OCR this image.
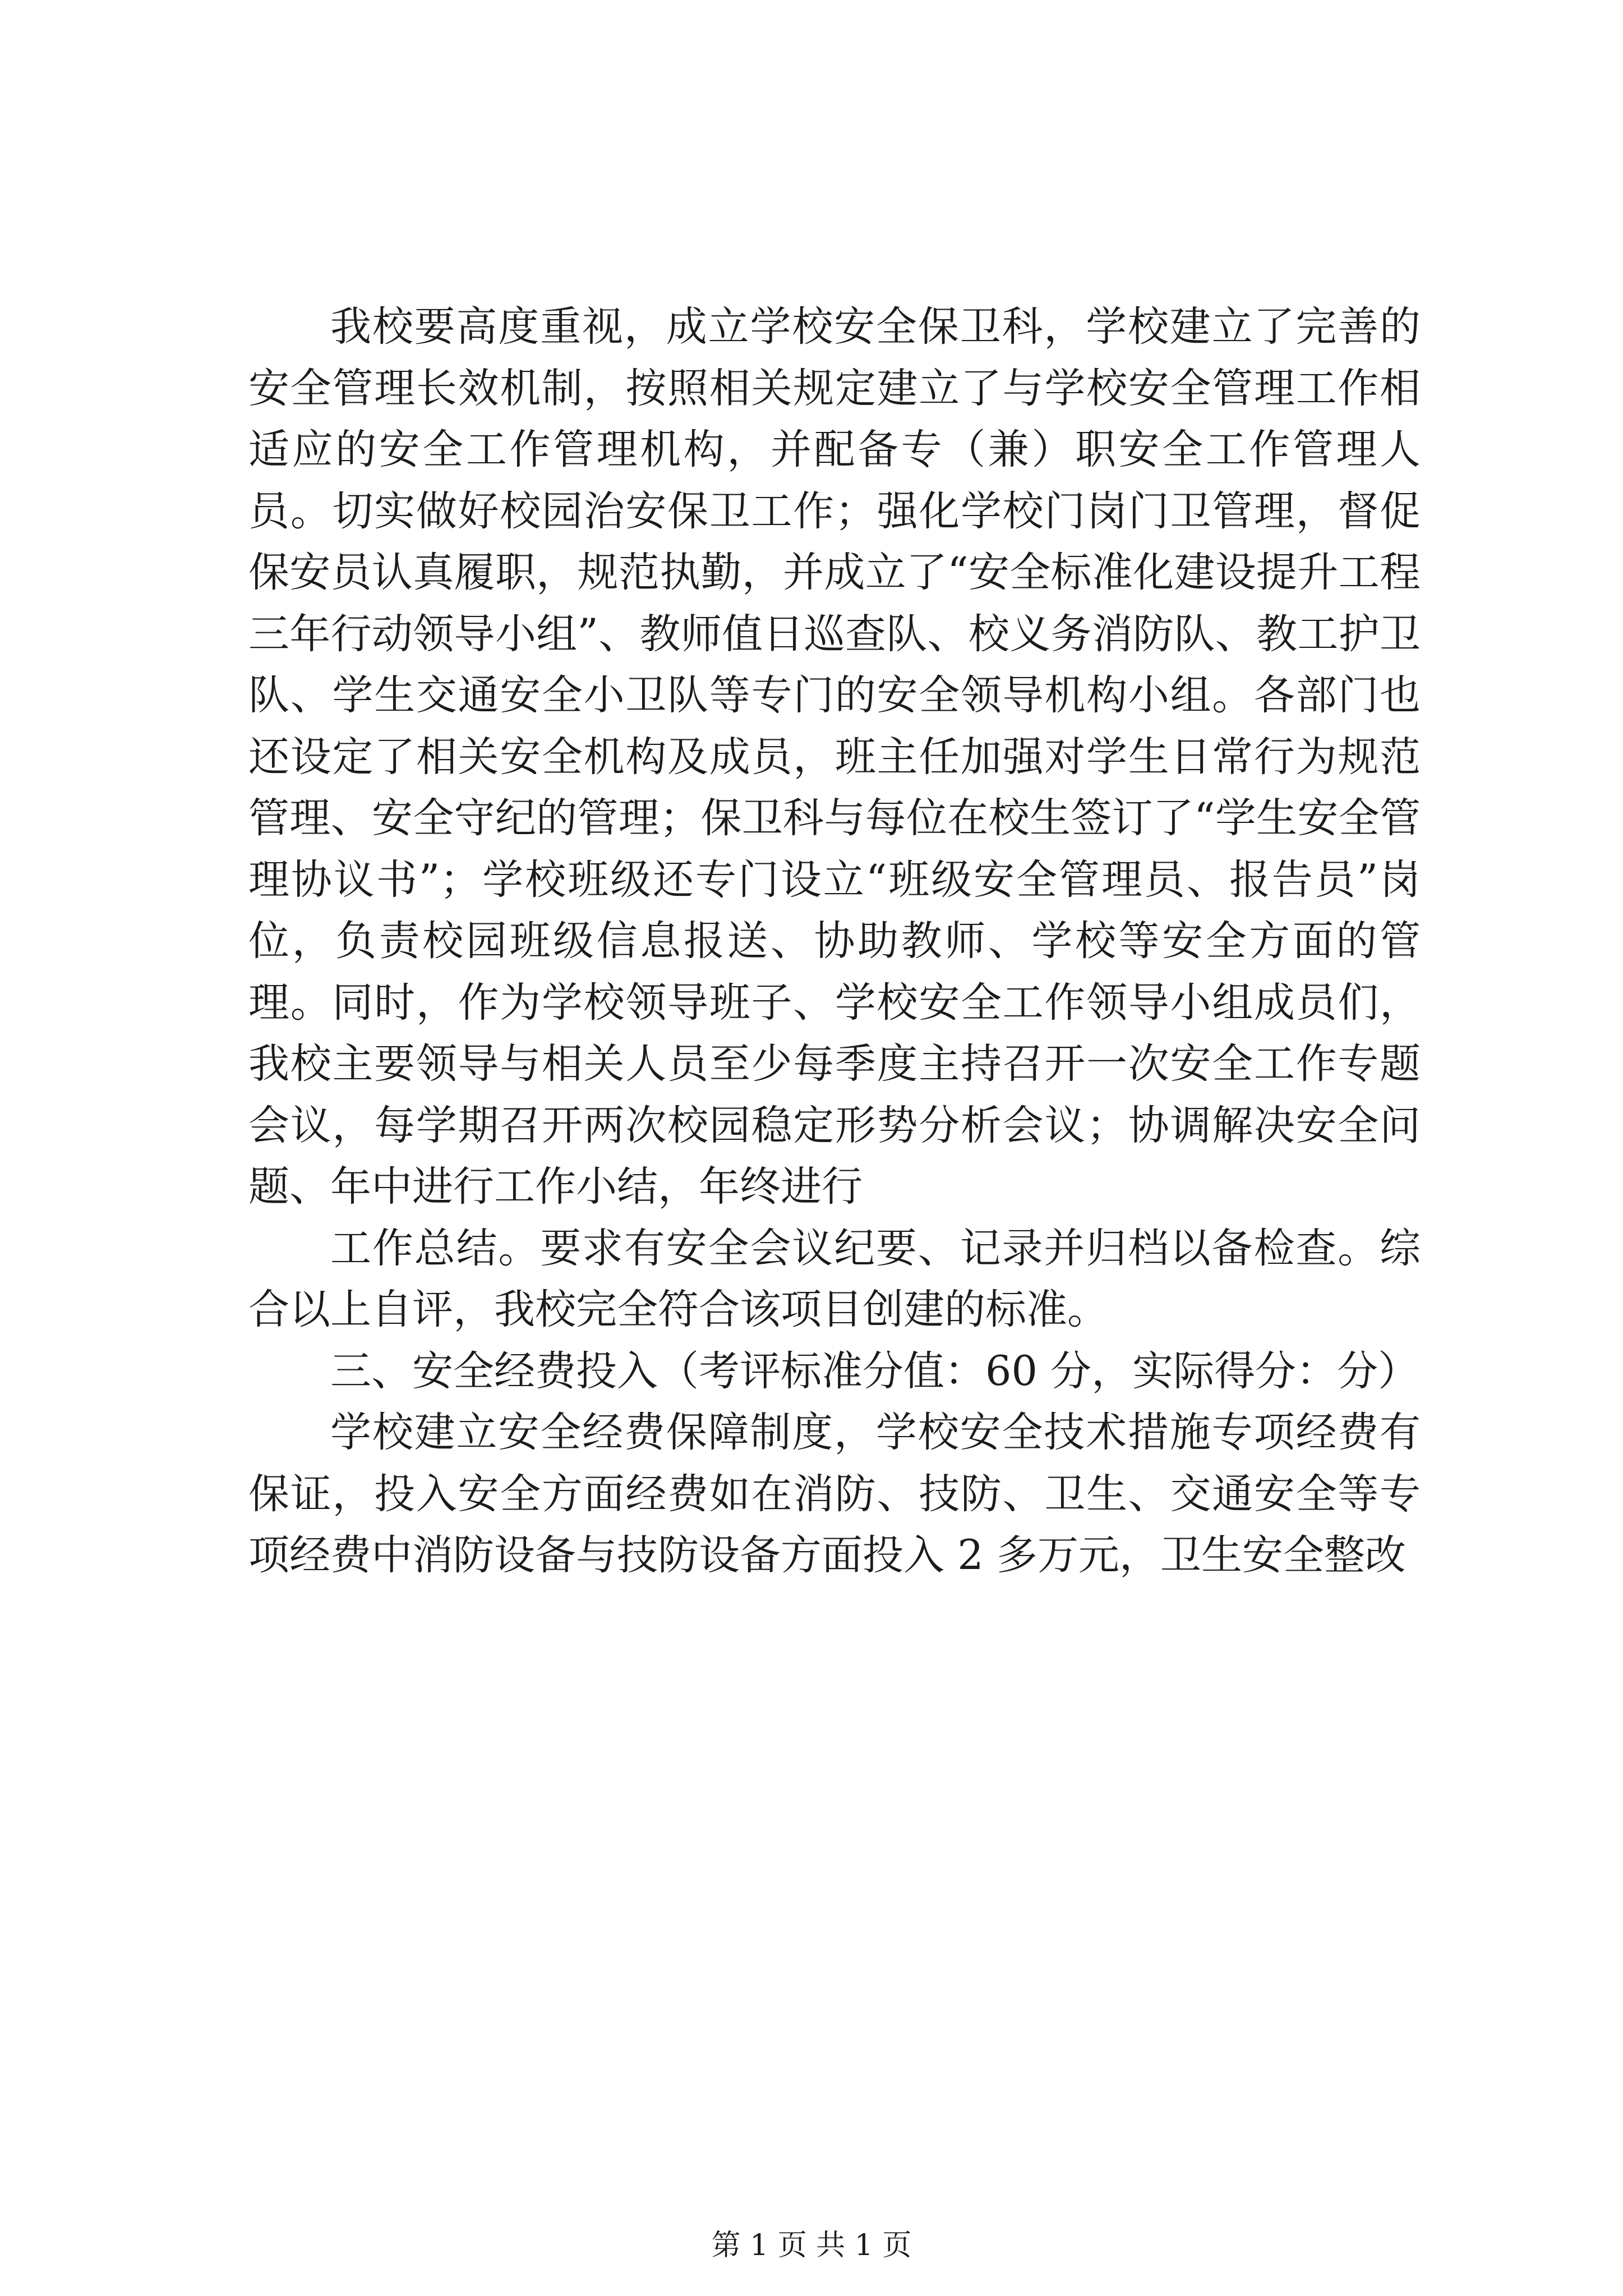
我校要高度重视，成立学校安全保卫科，学校建立了完善的安全管理长效机制，按照相关规定建立了与学校安全管理工作相适应的安全工作管理机构，并配备专（兼）职安全工作管理人员。切实做好校园治安保卫工作；强化学校门岗门卫管理，督促保安员认真履职，规范执勤，并成立了“安全标准化建设提升工程三年行动领导小组”、教师值日巡查队、校义务消防队、教工护卫队、学生交通安全小卫队等专门的安全领导机构小组。各部门也还设定了相关安全机构及成员，班主任加强对学生日常行为规范管理、安全守纪的管理；保卫科与每位在校生签订了“学生安全管理协议书”；学校班级还专门设立“班级安全管理员、报告员”岗位，负责校园班级信息报送、协助教师、学校等安全方面的管理。同时，作为学校领导班子、学校安全工作领导小组成员们，我校主要领导与相关人员至少每季度主持召开一次安全工作专题会议，每学期召开两次校园稳定形势分析会议；协调解决安全问题、年中进行工作小结，年终进行

工作总结。要求有安全会议纪要、记录并归档以备检查。综合以上自评，我校完全符合该项目创建的标准。

三、安全经费投入（考评标准分值：60 分，实际得分：分）

学校建立安全经费保障制度，学校安全技术措施专项经费有保证，投入安全方面经费如在消防、技防、卫生、交通安全等专项经费中消防设备与技防设备方面投入 2 多万元，卫生安全整改

第 1 页 共 1 页
